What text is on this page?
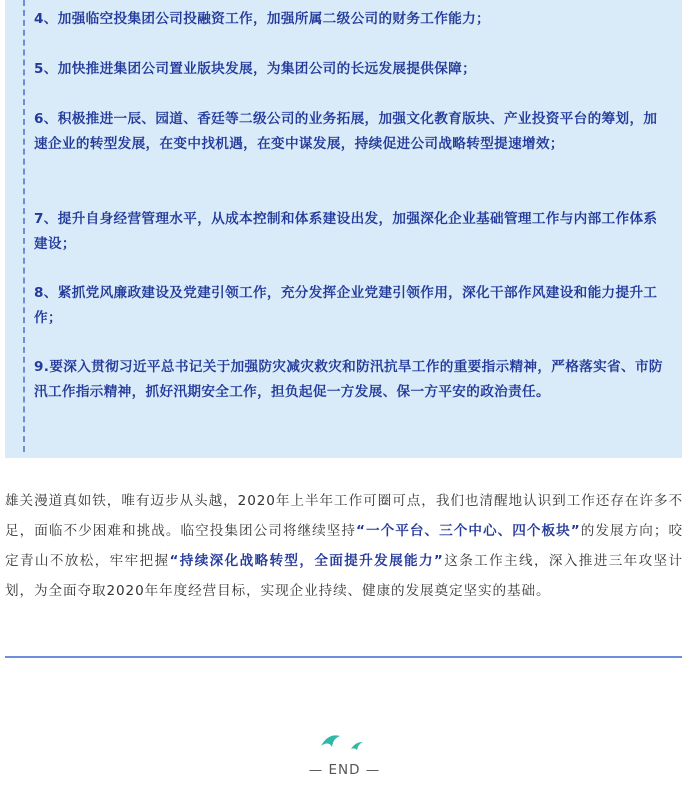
4、加强临空投集团公司投融资工作，加强所属二级公司的财务工作能力；
5、加快推进集团公司置业版块发展，为集团公司的长远发展提供保障；
6、积极推进一辰、园道、香廷等二级公司的业务拓展，加强文化教育版块、产业投资平台的筹划，加速企业的转型发展，在变中找机遇，在变中谋发展，持续促进公司战略转型提速增效；
7、提升自身经营管理水平，从成本控制和体系建设出发，加强深化企业基础管理工作与内部工作体系建设；
8、紧抓党风廉政建设及党建引领工作，充分发挥企业党建引领作用，深化干部作风建设和能力提升工作；
9.要深入贯彻习近平总书记关于加强防灾减灾救灾和防汛抗旱工作的重要指示精神，严格落实省、市防汛工作指示精神，抓好汛期安全工作，担负起促一方发展、保一方平安的政治责任。
雄关漫道真如铁，唯有迈步从头越，2020年上半年工作可圈可点，我们也清醒地认识到工作还存在许多不足，面临不少困难和挑战。临空投集团公司将继续坚持“一个平台、三个中心、四个板块”的发展方向；咬定青山不放松，牢牢把握“持续深化战略转型，全面提升发展能力”这条工作主线，深入推进三年攻坚计划，为全面夺取2020年年度经营目标，实现企业持续、健康的发展奠定坚实的基础。
— END —
